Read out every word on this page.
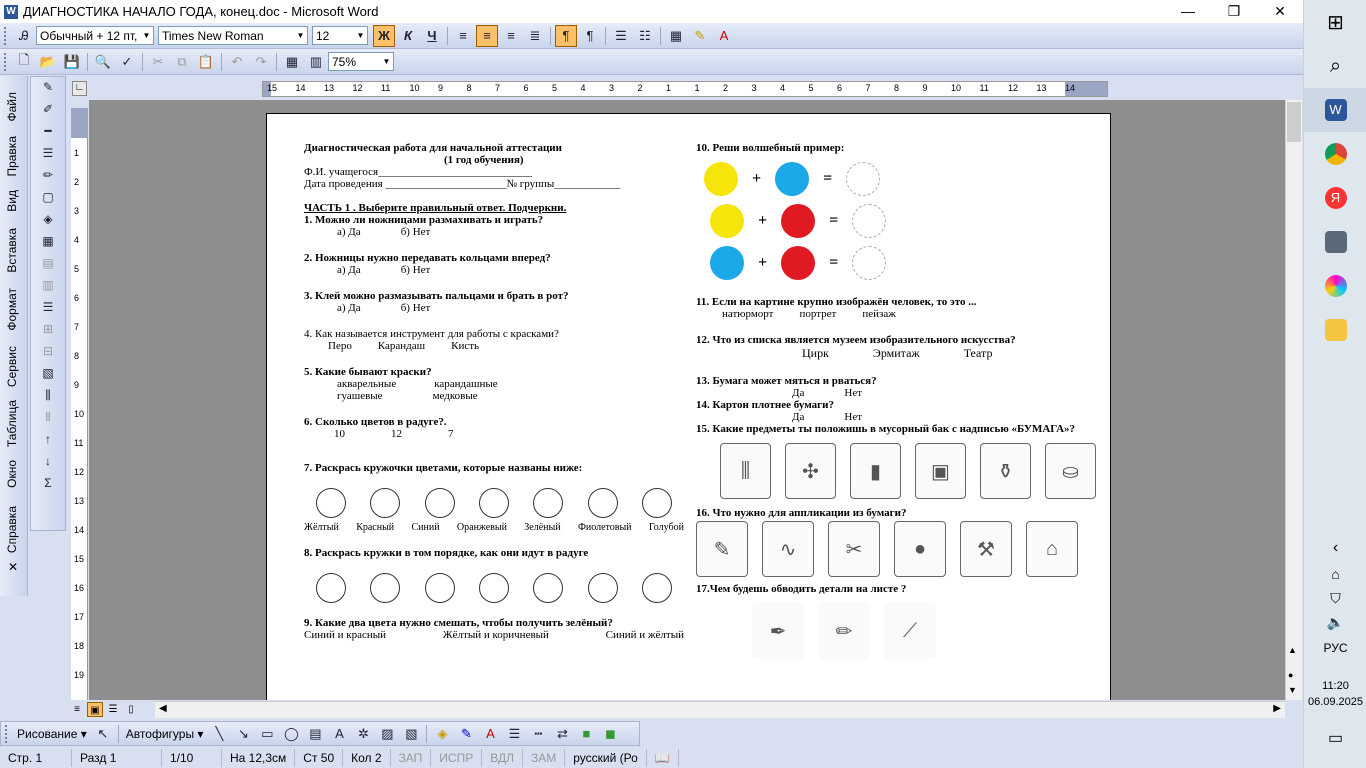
W ДИАГНОСТИКА НАЧАЛО ГОДА, конец.doc - Microsoft Word	—	❐	✕
Ꭿ Обычный + 12 пт, ▼ Times New Roman	▼ 12	▼	Ж	К	Ч	≡	≡	≡	≣	¶	¶	☰ ☷	▦ ✎	A
🗋 📂 💾 🔍 ✓	✂	⧉ 📋	↶	↷	▦ ▥ 75%	▼
Файл
Правка
Вид
Вставка
Формат
Сервис
Таблица
Окно
Справка
✕
✎
✐
━
☰
✏
▢
◈
▦
▤
▥
☰
⊞
⊟
▧
⫼
⫴
↑
↓
Σ
∟	15 14 13 12 11 10 9	8	7	6	5	4	3	2	1	1	2	3	4	5	6	7	8	9	10 11 12 13 14
1
2
3
4
5
6
7
8
9
10
11
12
13
14
15
16
17
18
19
Диагностическая работа для начальной аттестации
(1 год обучения)
Ф.И. учащегося____________________________
Дата проведения ______________________№ группы____________
ЧАСТЬ 1 . Выберите правильный ответ. Подчеркни.
1. Можно ли ножницами размахивать и играть?
а) Да	б) Нет
2. Ножницы нужно передавать кольцами вперед?
а) Да	б) Нет
3. Клей можно размазывать пальцами и брать в рот?
а) Да	б) Нет
4. Как называется инструмент для работы с красками?
Перо Карандаш Кисть
5. Какие бывают краски?
акварельные	карандашные
гуашевые	медковые
6. Сколько цветов в радуге?.
10	12	7
7. Раскрась кружочки цветами, которые названы ниже:
Жёлтый Красный Синий Оранжевый Зелёный Фиолетовый Голубой
8. Раскрась кружки в том порядке, как они идут в радуге
9. Какие два цвета нужно смешать, чтобы получить зелёный?
Синий и красный	Жёлтый и коричневый	Синий и жёлтый
10. Реши волшебный пример:
+	=
+	=
+	=
11. Если на картине крупно изображён человек, то это ...
натюрморт портрет пейзаж
12. Что из списка является музеем изобразительного искусства?
Цирк	Эрмитаж	Театр
13. Бумага может мяться и рваться?
Да	Нет
14. Картон плотнее бумаги?
Да	Нет
15. Какие предметы ты положишь в мусорный бак с надписью «БУМАГА»?
⫼	✣	▮	▣	⚱	⛀
16. Что нужно для аппликации из бумаги?
✎	∿	✂	●	⚒	⌂
17.Чем будешь обводить детали на листе ?
✒	✏	⟋
▲
●
▼
≡	▣ ☰	▯	◀	▶
Рисование ▾ ↖	Автофигуры ▾ ╲	↘ ▭ ◯ ▤	A	✲ ▨ ▧	◈	✎	A	☰	┅	⇄	■	◼
Стр. 1	Разд 1	1/10	На 12,3см	Ст 50	Кол 2	ЗАП	ИСПР	ВДЛ	ЗАМ	русский (Ро	📖
⊞
⌕
W
Я
‹
⌂
⛉
🔈
РУС
11:20
06.09.2025
▭
